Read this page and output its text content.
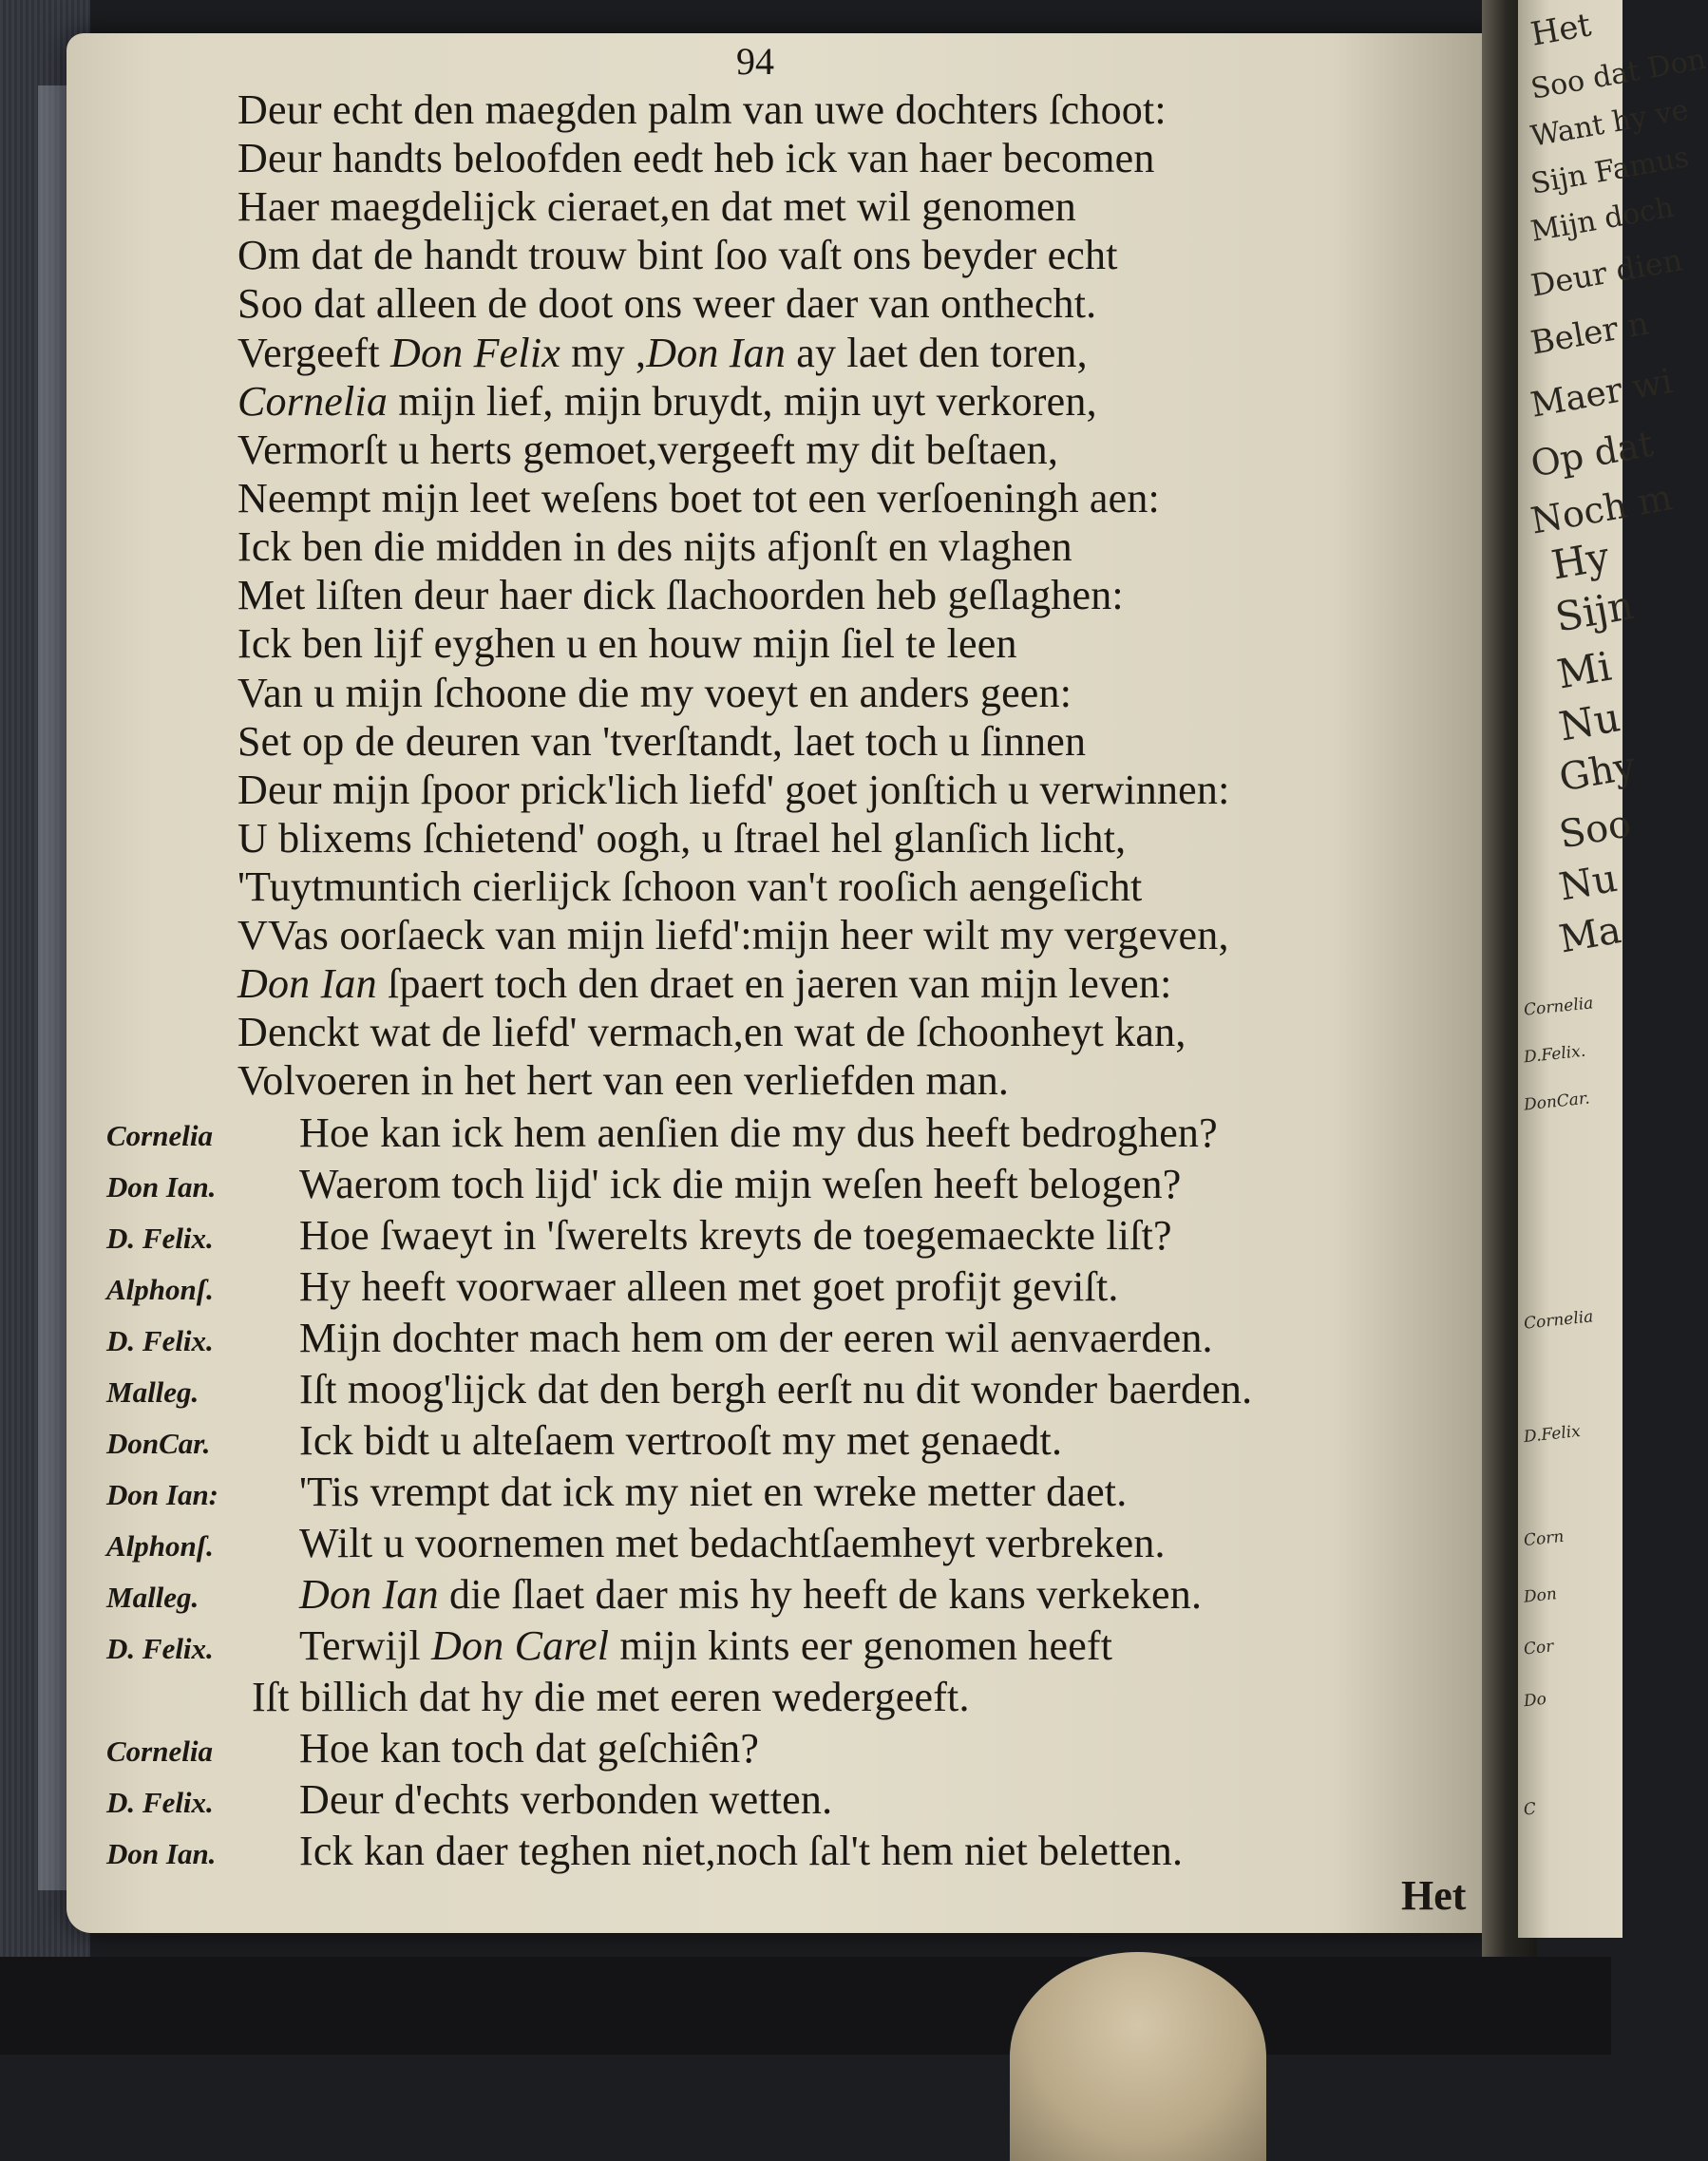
94
Deur echt den maegden palm van uwe dochters ſchoot:
Deur handts beloofden eedt heb ick van haer becomen
Haer maegdelijck cieraet,en dat met wil genomen
Om dat de handt trouw bint ſoo vaſt ons beyder echt
Soo dat alleen de doot ons weer daer van onthecht.
Vergeeft Don Felix my ,Don Ian ay laet den toren,
Cornelia mijn lief, mijn bruydt, mijn uyt verkoren,
Vermorſt u herts gemoet,vergeeft my dit beſtaen,
Neempt mijn leet weſens boet tot een verſoeningh aen:
Ick ben die midden in des nijts afjonſt en vlaghen
Met liſten deur haer dick ſlachoorden heb geſlaghen:
Ick ben lijf eyghen u en houw mijn ſiel te leen
Van u mijn ſchoone die my voeyt en anders geen:
Set op de deuren van 'tverſtandt, laet toch u ſinnen
Deur mijn ſpoor prick'lich liefd' goet jonſtich u verwinnen:
U blixems ſchietend' oogh, u ſtrael hel glanſich licht,
'Tuytmuntich cierlijck ſchoon van't rooſich aengeſicht
VVas oorſaeck van mijn liefd':mijn heer wilt my vergeven,
Don Ian ſpaert toch den draet en jaeren van mijn leven:
Denckt wat de liefd' vermach,en wat de ſchoonheyt kan,
Volvoeren in het hert van een verliefden man.
Cornelia Hoe kan ick hem aenſien die my dus heeft bedroghen?
Don Ian. Waerom toch lijd' ick die mijn weſen heeft belogen?
D. Felix. Hoe ſwaeyt in 'ſwerelts kreyts de toegemaeckte liſt?
Alphonſ. Hy heeft voorwaer alleen met goet profijt geviſt.
D. Felix. Mijn dochter mach hem om der eeren wil aenvaerden.
Malleg. Iſt moog'lijck dat den bergh eerſt nu dit wonder baerden.
DonCar. Ick bidt u alteſaem vertrooſt my met genaedt.
Don Ian: 'Tis vrempt dat ick my niet en wreke metter daet.
Alphonſ. Wilt u voornemen met bedachtſaemheyt verbreken.
Malleg. Don Ian die ſlaet daer mis hy heeft de kans verkeken.
D. Felix. Terwijl Don Carel mijn kints eer genomen heeft
Iſt billich dat hy die met eeren wedergeeft.
Cornelia Hoe kan toch dat geſchiên?
D. Felix. Deur d'echts verbonden wetten.
Don Ian. Ick kan daer teghen niet,noch ſal't hem niet beletten.
Het
Het
Soo dat Don
Want hy ve
Sijn Famus
Mijn doch
Deur dien
Beler n
Maer wi
Op dat
Noch m
Hy
Sijn
Mi
Nu
Ghy
Soo
Nu
Ma
Cornelia
D.Felix.
DonCar.
Cornelia
D.Felix
Corn
Don
Cor
Do
C
